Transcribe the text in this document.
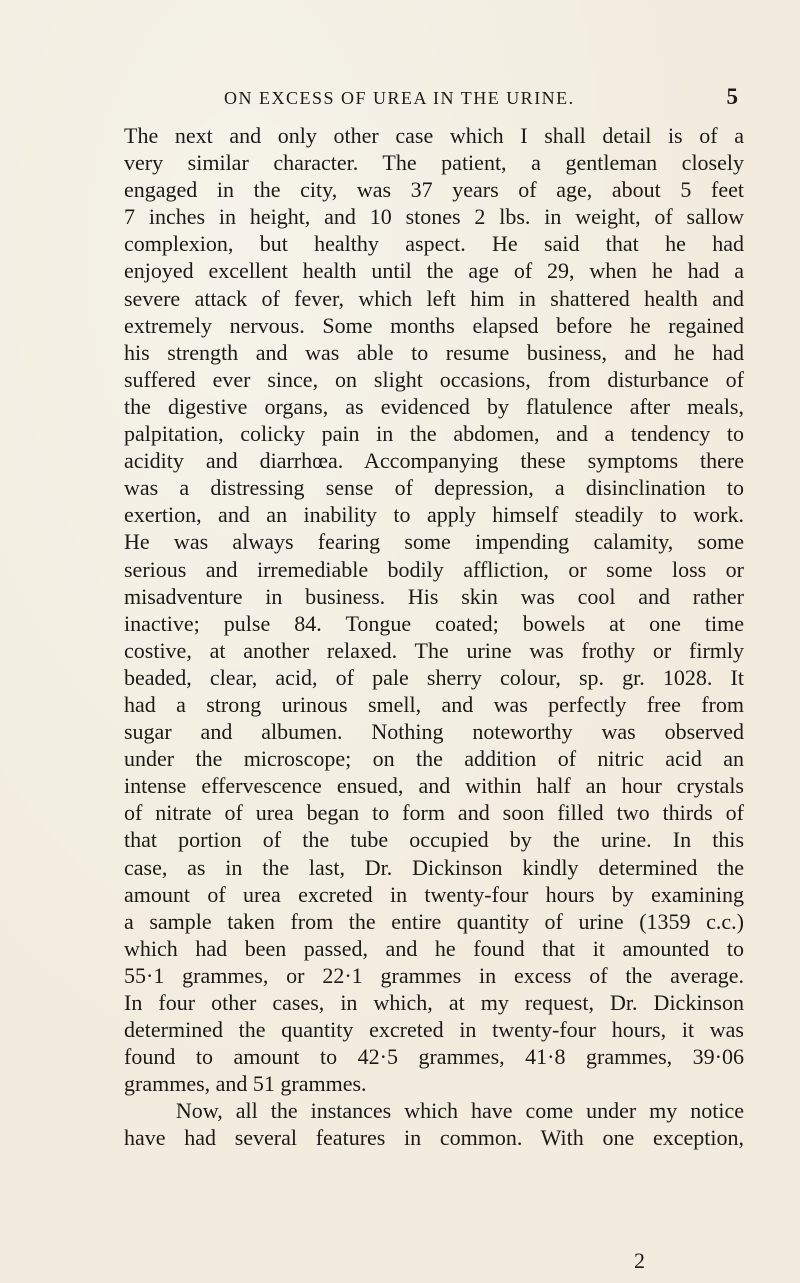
ON EXCESS OF UREA IN THE URINE.	5
The next and only other case which I shall detail is of a
very similar character. The patient, a gentleman closely
engaged in the city, was 37 years of age, about 5 feet
7 inches in height, and 10 stones 2 lbs. in weight, of sallow
complexion, but healthy aspect. He said that he had
enjoyed excellent health until the age of 29, when he had a
severe attack of fever, which left him in shattered health and
extremely nervous. Some months elapsed before he regained
his strength and was able to resume business, and he had
suffered ever since, on slight occasions, from disturbance of
the digestive organs, as evidenced by flatulence after meals,
palpitation, colicky pain in the abdomen, and a tendency to
acidity and diarrhœa. Accompanying these symptoms there
was a distressing sense of depression, a disinclination to
exertion, and an inability to apply himself steadily to work.
He was always fearing some impending calamity, some
serious and irremediable bodily affliction, or some loss or
misadventure in business. His skin was cool and rather
inactive; pulse 84. Tongue coated; bowels at one time
costive, at another relaxed. The urine was frothy or firmly
beaded, clear, acid, of pale sherry colour, sp. gr. 1028. It
had a strong urinous smell, and was perfectly free from
sugar and albumen. Nothing noteworthy was observed
under the microscope; on the addition of nitric acid an
intense effervescence ensued, and within half an hour crystals
of nitrate of urea began to form and soon filled two thirds of
that portion of the tube occupied by the urine. In this
case, as in the last, Dr. Dickinson kindly determined the
amount of urea excreted in twenty-four hours by examining
a sample taken from the entire quantity of urine (1359 c.c.)
which had been passed, and he found that it amounted to
55·1 grammes, or 22·1 grammes in excess of the average.
In four other cases, in which, at my request, Dr. Dickinson
determined the quantity excreted in twenty-four hours, it was
found to amount to 42·5 grammes, 41·8 grammes, 39·06
grammes, and 51 grammes.
Now, all the instances which have come under my notice
have had several features in common. With one exception,
2
